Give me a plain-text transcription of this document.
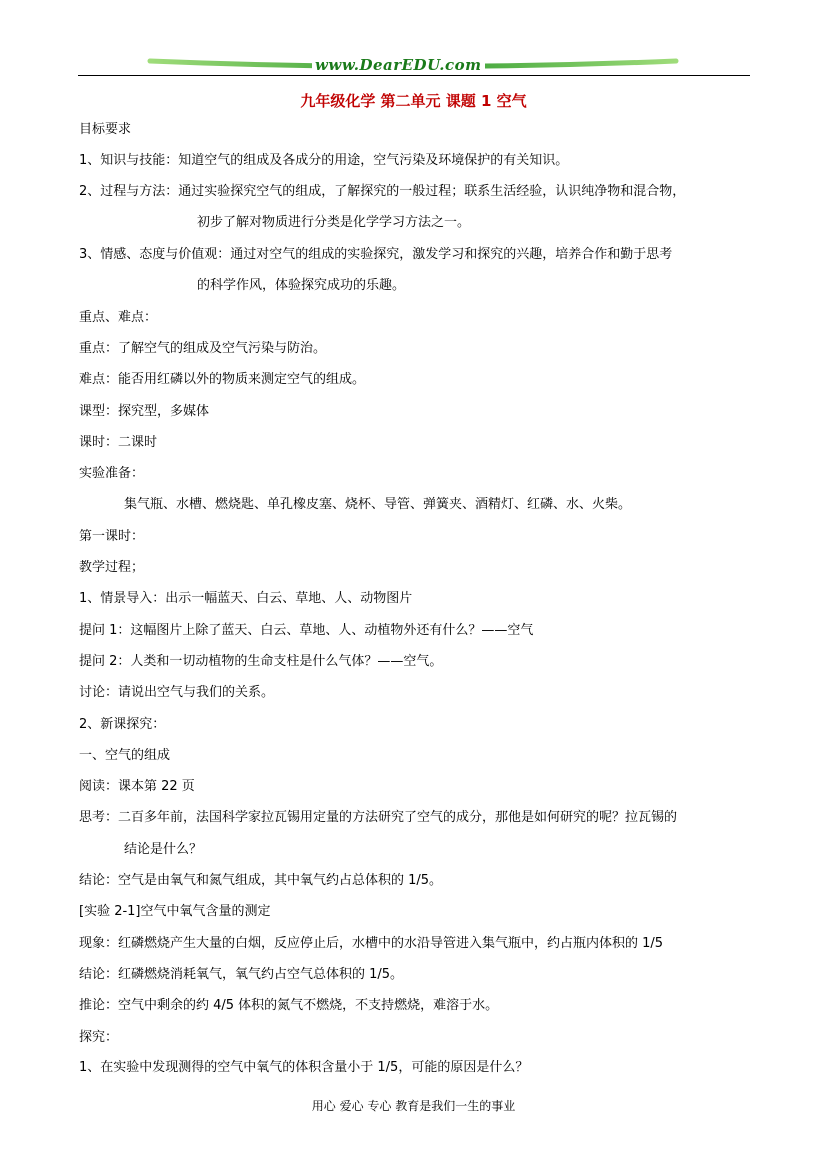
www.DearEDU.com
九年级化学 第二单元 课题 1 空气
目标要求
1、知识与技能：知道空气的组成及各成分的用途，空气污染及环境保护的有关知识。
2、过程与方法：通过实验探究空气的组成，了解探究的一般过程；联系生活经验，认识纯净物和混合物，
初步了解对物质进行分类是化学学习方法之一。
3、情感、态度与价值观：通过对空气的组成的实验探究，激发学习和探究的兴趣，培养合作和勤于思考
的科学作风，体验探究成功的乐趣。
重点、难点：
重点：了解空气的组成及空气污染与防治。
难点：能否用红磷以外的物质来测定空气的组成。
课型：探究型，多媒体
课时：二课时
实验准备：
集气瓶、水槽、燃烧匙、单孔橡皮塞、烧杯、导管、弹簧夹、酒精灯、红磷、水、火柴。
第一课时：
教学过程；
1、情景导入：出示一幅蓝天、白云、草地、人、动物图片
提问 1：这幅图片上除了蓝天、白云、草地、人、动植物外还有什么？——空气
提问 2：人类和一切动植物的生命支柱是什么气体？——空气。
讨论：请说出空气与我们的关系。
2、新课探究：
一、空气的组成
阅读：课本第 22 页
思考：二百多年前，法国科学家拉瓦锡用定量的方法研究了空气的成分，那他是如何研究的呢？拉瓦锡的
结论是什么？
结论：空气是由氧气和氮气组成，其中氧气约占总体积的 1/5。
[实验 2-1]空气中氧气含量的测定
现象：红磷燃烧产生大量的白烟，反应停止后，水槽中的水沿导管进入集气瓶中，约占瓶内体积的 1/5
结论：红磷燃烧消耗氧气，氧气约占空气总体积的 1/5。
推论：空气中剩余的约 4/5 体积的氮气不燃烧，不支持燃烧，难溶于水。
探究：
1、在实验中发现测得的空气中氧气的体积含量小于 1/5，可能的原因是什么？
用心 爱心 专心 教育是我们一生的事业
